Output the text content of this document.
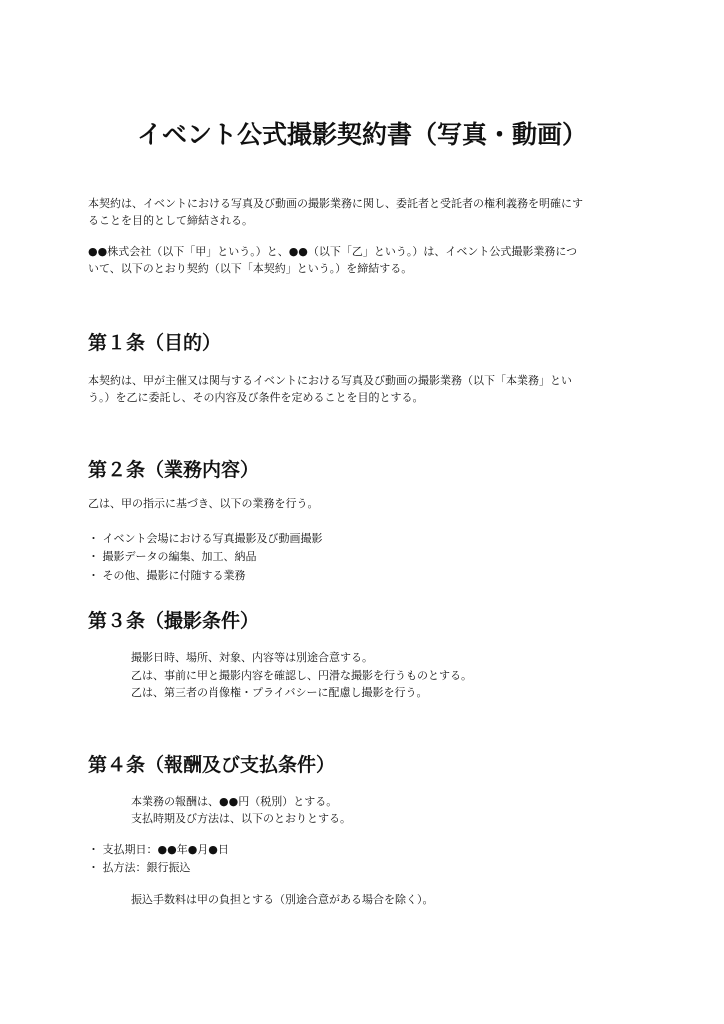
イベント公式撮影契約書（写真・動画）
本契約は、イベントにおける写真及び動画の撮影業務に関し、委託者と受託者の権利義務を明確にす
ることを目的として締結される。
●●株式会社（以下「甲」という。）と、●●（以下「乙」という。）は、イベント公式撮影業務につ
いて、以下のとおり契約（以下「本契約」という。）を締結する。
第１条（目的）
本契約は、甲が主催又は関与するイベントにおける写真及び動画の撮影業務（以下「本業務」とい
う。）を乙に委託し、その内容及び条件を定めることを目的とする。
第２条（業務内容）
乙は、甲の指示に基づき、以下の業務を行う。
・ イベント会場における写真撮影及び動画撮影
・ 撮影データの編集、加工、納品
・ その他、撮影に付随する業務
第３条（撮影条件）
撮影日時、場所、対象、内容等は別途合意する。
乙は、事前に甲と撮影内容を確認し、円滑な撮影を行うものとする。
乙は、第三者の肖像権・プライバシーに配慮し撮影を行う。
第４条（報酬及び支払条件）
本業務の報酬は、●●円（税別）とする。
支払時期及び方法は、以下のとおりとする。
・ 支払期日：●●年●月●日
・ 払方法：銀行振込
振込手数料は甲の負担とする（別途合意がある場合を除く）。
